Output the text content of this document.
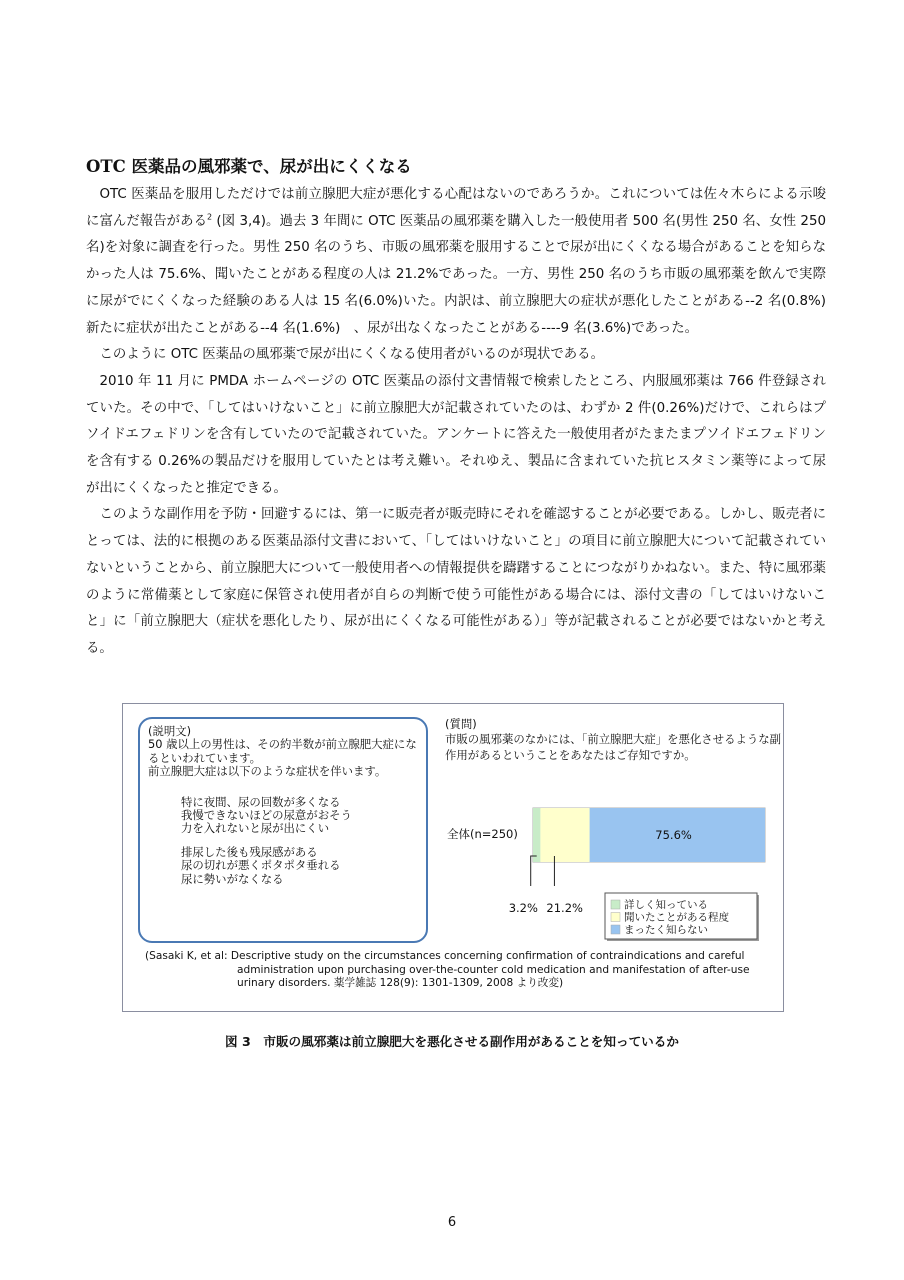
OTC 医薬品の風邪薬で、尿が出にくくなる

OTC 医薬品を服用しただけでは前立腺肥大症が悪化する心配はないのであろうか。これについては佐々木らによる示唆に富んだ報告がある$^2$ (図 3,4)。過去 3 年間に OTC 医薬品の風邪薬を購入した一般使用者 500 名(男性 250 名、女性 250 名)を対象に調査を行った。男性 250 名のうち、市販の風邪薬を服用することで尿が出にくくなる場合があることを知らなかった人は 75.6%、聞いたことがある程度の人は 21.2%であった。一方、男性 250 名のうち市販の風邪薬を飲んで実際に尿がでにくくなった経験のある人は 15 名(6.0%)いた。内訳は、前立腺肥大の症状が悪化したことがある--2 名(0.8%)　新たに症状が出たことがある--4 名(1.6%)　、尿が出なくなったことがある----9 名(3.6%)であった。

このように OTC 医薬品の風邪薬で尿が出にくくなる使用者がいるのが現状である。

2010 年 11 月に PMDA ホームページの OTC 医薬品の添付文書情報で検索したところ、内服風邪薬は 766 件登録されていた。その中で、「してはいけないこと」に前立腺肥大が記載されていたのは、わずか 2 件(0.26%)だけで、これらはプソイドエフェドリンを含有していたので記載されていた。アンケートに答えた一般使用者がたまたまプソイドエフェドリンを含有する 0.26%の製品だけを服用していたとは考え難い。それゆえ、製品に含まれていた抗ヒスタミン薬等によって尿が出にくくなったと推定できる。

このような副作用を予防・回避するには、第一に販売者が販売時にそれを確認することが必要である。しかし、販売者にとっては、法的に根拠のある医薬品添付文書において、「してはいけないこと」の項目に前立腺肥大について記載されていないということから、前立腺肥大について一般使用者への情報提供を躊躇することにつながりかねない。また、特に風邪薬のように常備薬として家庭に保管され使用者が自らの判断で使う可能性がある場合には、添付文書の「してはいけないこと」に「前立腺肥大（症状を悪化したり、尿が出にくくなる可能性がある）」等が記載されることが必要ではないかと考える。

(説明文)
50 歳以上の男性は、その約半数が前立腺肥大症になるといわれています。
前立腺肥大症は以下のような症状を伴います。
特に夜間、尿の回数が多くなる
我慢できないほどの尿意がおそう
力を入れないと尿が出にくい
排尿した後も残尿感がある
尿の切れが悪くポタポタ垂れる
尿に勢いがなくなる
(質問)
市販の風邪薬のなかには、「前立腺肥大症」を悪化させるような副作用があるということをあなたはご存知ですか。
全体(n=250)	75.6%
3.2% 21.2%	詳しく知っている
聞いたことがある程度
まったく知らない
(Sasaki K, et al: Descriptive study on the circumstances concerning confirmation of contraindications and careful
administration upon purchasing over-the-counter cold medication and manifestation of after-use
urinary disorders. 薬学雑誌 128(9): 1301-1309, 2008 より改変)
図 3　市販の風邪薬は前立腺肥大を悪化させる副作用があることを知っているか
6
